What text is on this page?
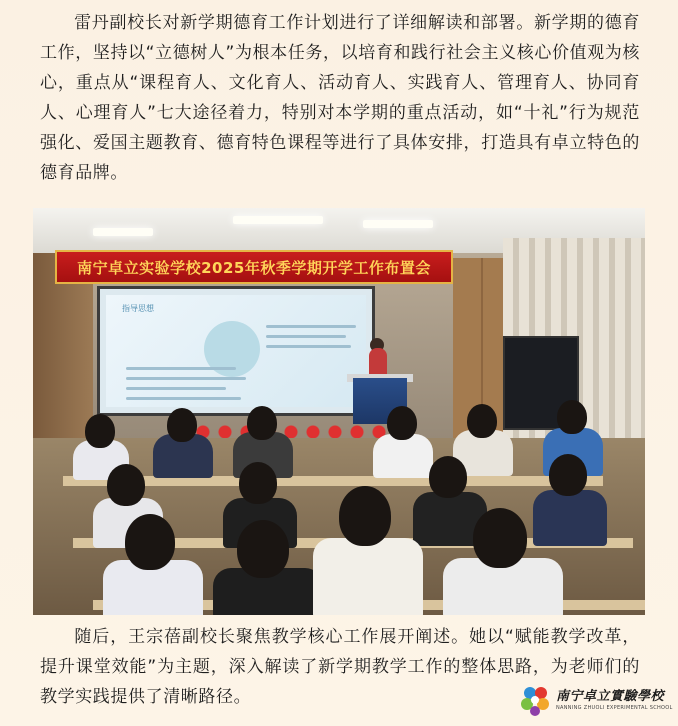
雷丹副校长对新学期德育工作计划进行了详细解读和部署。新学期的德育工作，坚持以“立德树人”为根本任务，以培育和践行社会主义核心价值观为核心，重点从“课程育人、文化育人、活动育人、实践育人、管理育人、协同育人、心理育人”七大途径着力，特别对本学期的重点活动，如“十礼”行为规范强化、爱国主题教育、德育特色课程等进行了具体安排，打造具有卓立特色的德育品牌。

南宁卓立实验学校2025年秋季学期开学工作布置会
指导思想

随后，王宗蓓副校长聚焦教学核心工作展开阐述。她以“赋能教学改革，提升课堂效能”为主题，深入解读了新学期教学工作的整体思路，为老师们的教学实践提供了清晰路径。	南宁卓立實驗學校
NANNING ZHUOLI EXPERIMENTAL SCHOOL
